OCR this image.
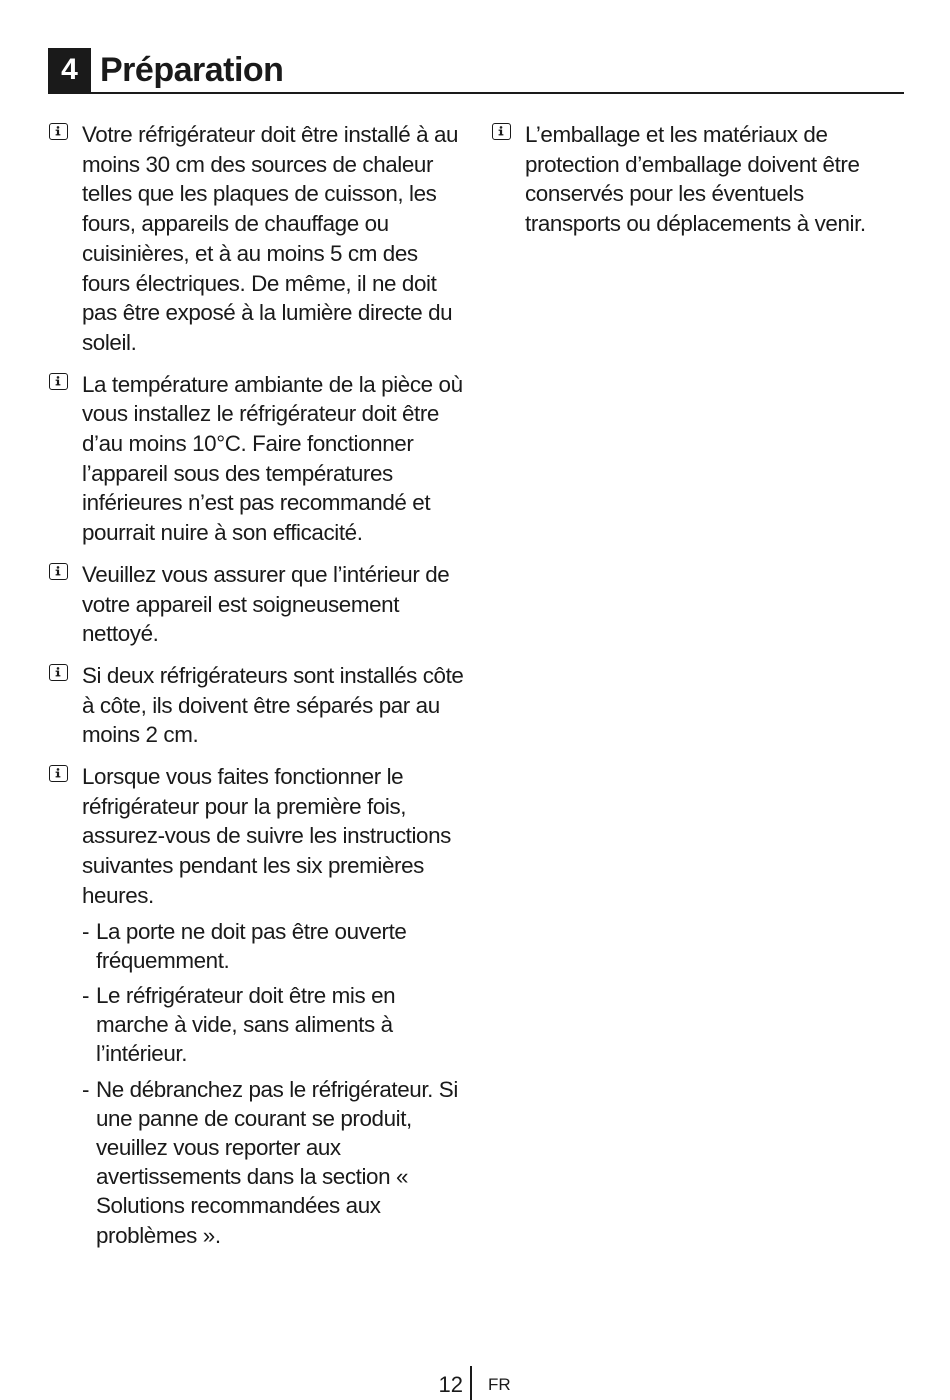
4 Préparation

Votre réfrigérateur doit être installé à au moins 30 cm des sources de chaleur telles que les plaques de cuisson, les fours, appareils de chauffage ou cuisinières, et à au moins 5 cm des fours électriques. De même, il ne doit pas être exposé à la lumière directe du soleil.

La température ambiante de la pièce où vous installez le réfrigérateur doit être d’au moins 10°C. Faire fonctionner l’appareil sous des températures inférieures n’est pas recommandé et pourrait nuire à son efficacité.

Veuillez vous assurer que l’intérieur de votre appareil est soigneusement nettoyé.

Si deux réfrigérateurs sont installés côte à côte, ils doivent être séparés par au moins 2 cm.

Lorsque vous faites fonctionner le réfrigérateur pour la première fois, assurez-vous de suivre les instructions suivantes pendant les six premières heures.

- La porte ne doit pas être ouverte fréquemment.
- Le réfrigérateur doit être mis en marche à vide, sans aliments à l’intérieur.
- Ne débranchez pas le réfrigérateur. Si une panne de courant se produit, veuillez vous reporter aux avertissements dans la section « Solutions recommandées aux problèmes ».

L’emballage et les matériaux de protection d’emballage doivent être conservés pour les éventuels transports ou déplacements à venir.

12 FR
